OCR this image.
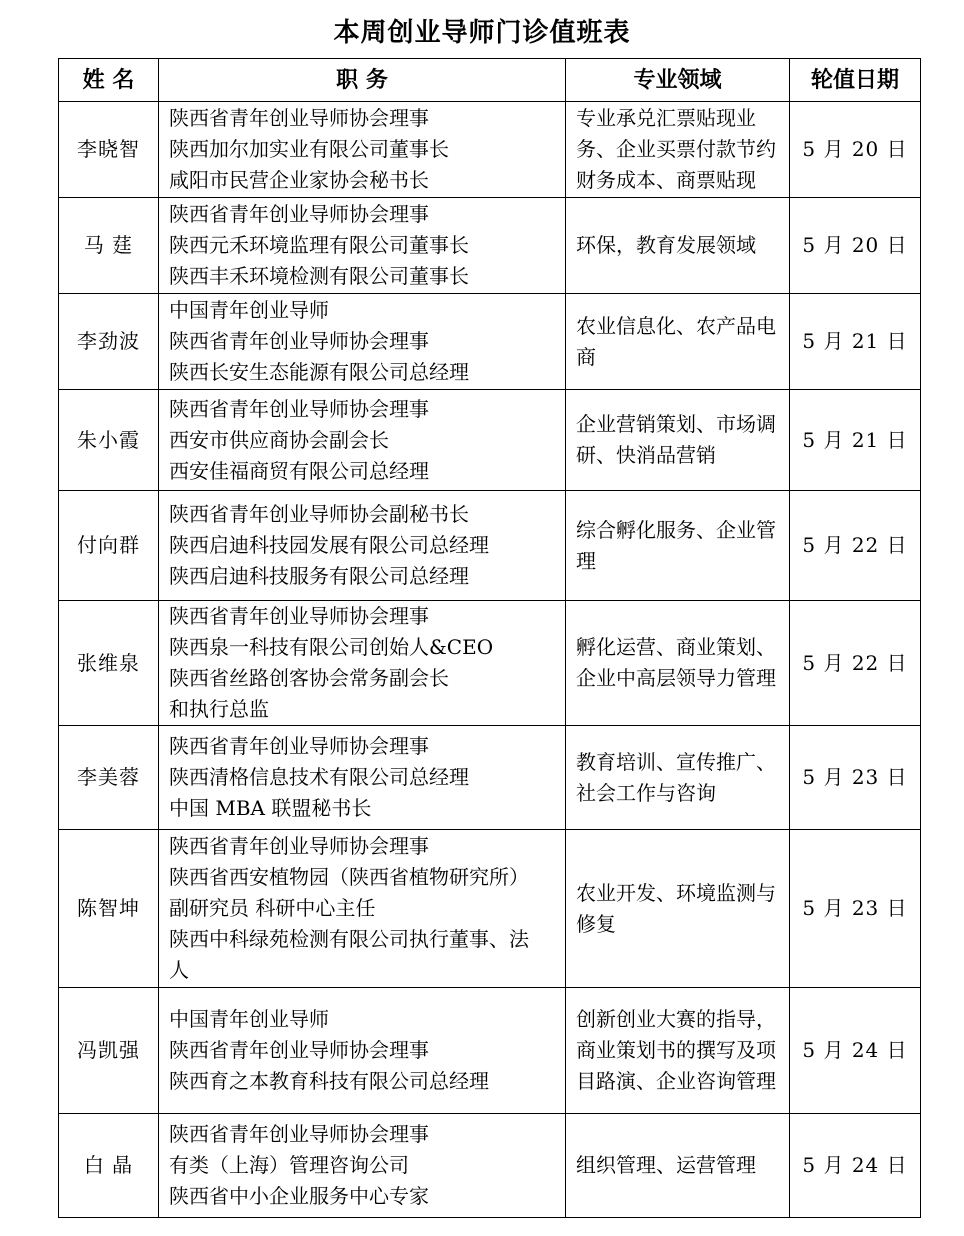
本周创业导师门诊值班表
姓 名	职 务	专业领域	轮值日期
李晓智	陕西省青年创业导师协会理事
陕西加尔加实业有限公司董事长
咸阳市民营企业家协会秘书长	专业承兑汇票贴现业务、企业买票付款节约财务成本、商票贴现	5 月 20 日
马 莛	陕西省青年创业导师协会理事
陕西元禾环境监理有限公司董事长
陕西丰禾环境检测有限公司董事长	环保，教育发展领域	5 月 20 日
李劲波	中国青年创业导师
陕西省青年创业导师协会理事
陕西长安生态能源有限公司总经理	农业信息化、农产品电商	5 月 21 日
朱小霞	陕西省青年创业导师协会理事
西安市供应商协会副会长
西安佳福商贸有限公司总经理	企业营销策划、市场调研、快消品营销	5 月 21 日
付向群	陕西省青年创业导师协会副秘书长
陕西启迪科技园发展有限公司总经理
陕西启迪科技服务有限公司总经理	综合孵化服务、企业管理	5 月 22 日
张维泉	陕西省青年创业导师协会理事
陕西泉一科技有限公司创始人&CEO
陕西省丝路创客协会常务副会长
和执行总监	孵化运营、商业策划、企业中高层领导力管理	5 月 22 日
李美蓉	陕西省青年创业导师协会理事
陕西清格信息技术有限公司总经理
中国 MBA 联盟秘书长	教育培训、宣传推广、社会工作与咨询	5 月 23 日
陈智坤	陕西省青年创业导师协会理事
陕西省西安植物园（陕西省植物研究所）
副研究员 科研中心主任
陕西中科绿苑检测有限公司执行董事、法
人	农业开发、环境监测与修复	5 月 23 日
冯凯强	中国青年创业导师
陕西省青年创业导师协会理事
陕西育之本教育科技有限公司总经理	创新创业大赛的指导，商业策划书的撰写及项目路演、企业咨询管理	5 月 24 日
白 晶	陕西省青年创业导师协会理事
有类（上海）管理咨询公司
陕西省中小企业服务中心专家	组织管理、运营管理	5 月 24 日
